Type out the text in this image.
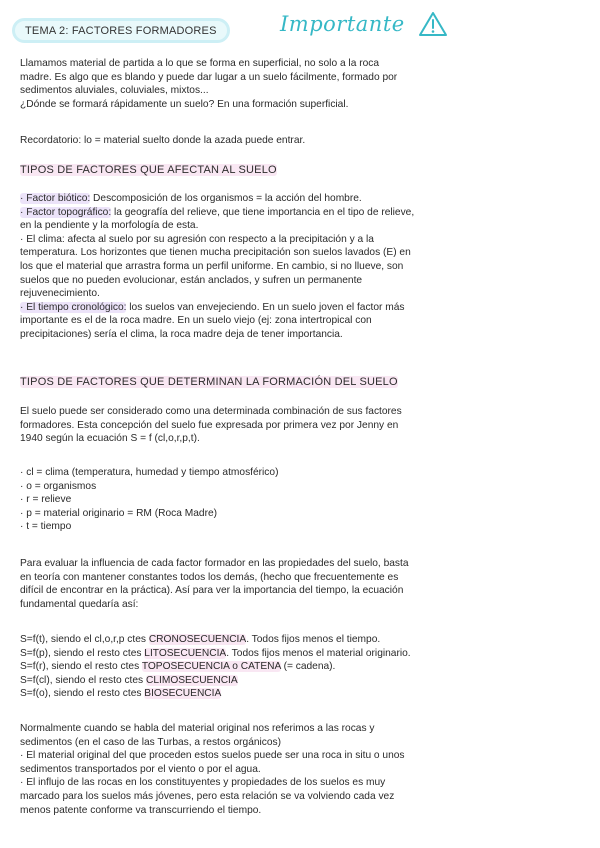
TEMA 2: FACTORES FORMADORES	Importante
Llamamos material de partida a lo que se forma en superficial, no solo a la roca
madre. Es algo que es blando y puede dar lugar a un suelo fácilmente, formado por
sedimentos aluviales, coluviales, mixtos...
¿Dónde se formará rápidamente un suelo? En una formación superficial.
Recordatorio: lo = material suelto donde la azada puede entrar.
TIPOS DE FACTORES QUE AFECTAN AL SUELO
· Factor biótico: Descomposición de los organismos = la acción del hombre.
· Factor topográfico: la geografía del relieve, que tiene importancia en el tipo de relieve,
en la pendiente y la morfología de esta.
· El clima: afecta al suelo por su agresión con respecto a la precipitación y a la
temperatura. Los horizontes que tienen mucha precipitación son suelos lavados (E) en
los que el material que arrastra forma un perfil uniforme. En cambio, si no llueve, son
suelos que no pueden evolucionar, están anclados, y sufren un permanente
rejuvenecimiento.
· El tiempo cronológico: los suelos van envejeciendo. En un suelo joven el factor más
importante es el de la roca madre. En un suelo viejo (ej: zona intertropical con
precipitaciones) sería el clima, la roca madre deja de tener importancia.
TIPOS DE FACTORES QUE DETERMINAN LA FORMACIÓN DEL SUELO
El suelo puede ser considerado como una determinada combinación de sus factores
formadores. Esta concepción del suelo fue expresada por primera vez por Jenny en
1940 según la ecuación S = f (cl,o,r,p,t).
· cl = clima (temperatura, humedad y tiempo atmosférico)
· o = organismos
· r = relieve
· p = material originario = RM (Roca Madre)
· t = tiempo
Para evaluar la influencia de cada factor formador en las propiedades del suelo, basta
en teoría con mantener constantes todos los demás, (hecho que frecuentemente es
difícil de encontrar en la práctica). Así para ver la importancia del tiempo, la ecuación
fundamental quedaría así:
S=f(t), siendo el cl,o,r,p ctes CRONOSECUENCIA. Todos fijos menos el tiempo.
S=f(p), siendo el resto ctes LITOSECUENCIA. Todos fijos menos el material originario.
S=f(r), siendo el resto ctes TOPOSECUENCIA o CATENA (= cadena).
S=f(cl), siendo el resto ctes CLIMOSECUENCIA
S=f(o), siendo el resto ctes BIOSECUENCIA
Normalmente cuando se habla del material original nos referimos a las rocas y
sedimentos (en el caso de las Turbas, a restos orgánicos)
· El material original del que proceden estos suelos puede ser una roca in situ o unos
sedimentos transportados por el viento o por el agua.
· El influjo de las rocas en los constituyentes y propiedades de los suelos es muy
marcado para los suelos más jóvenes, pero esta relación se va volviendo cada vez
menos patente conforme va transcurriendo el tiempo.
